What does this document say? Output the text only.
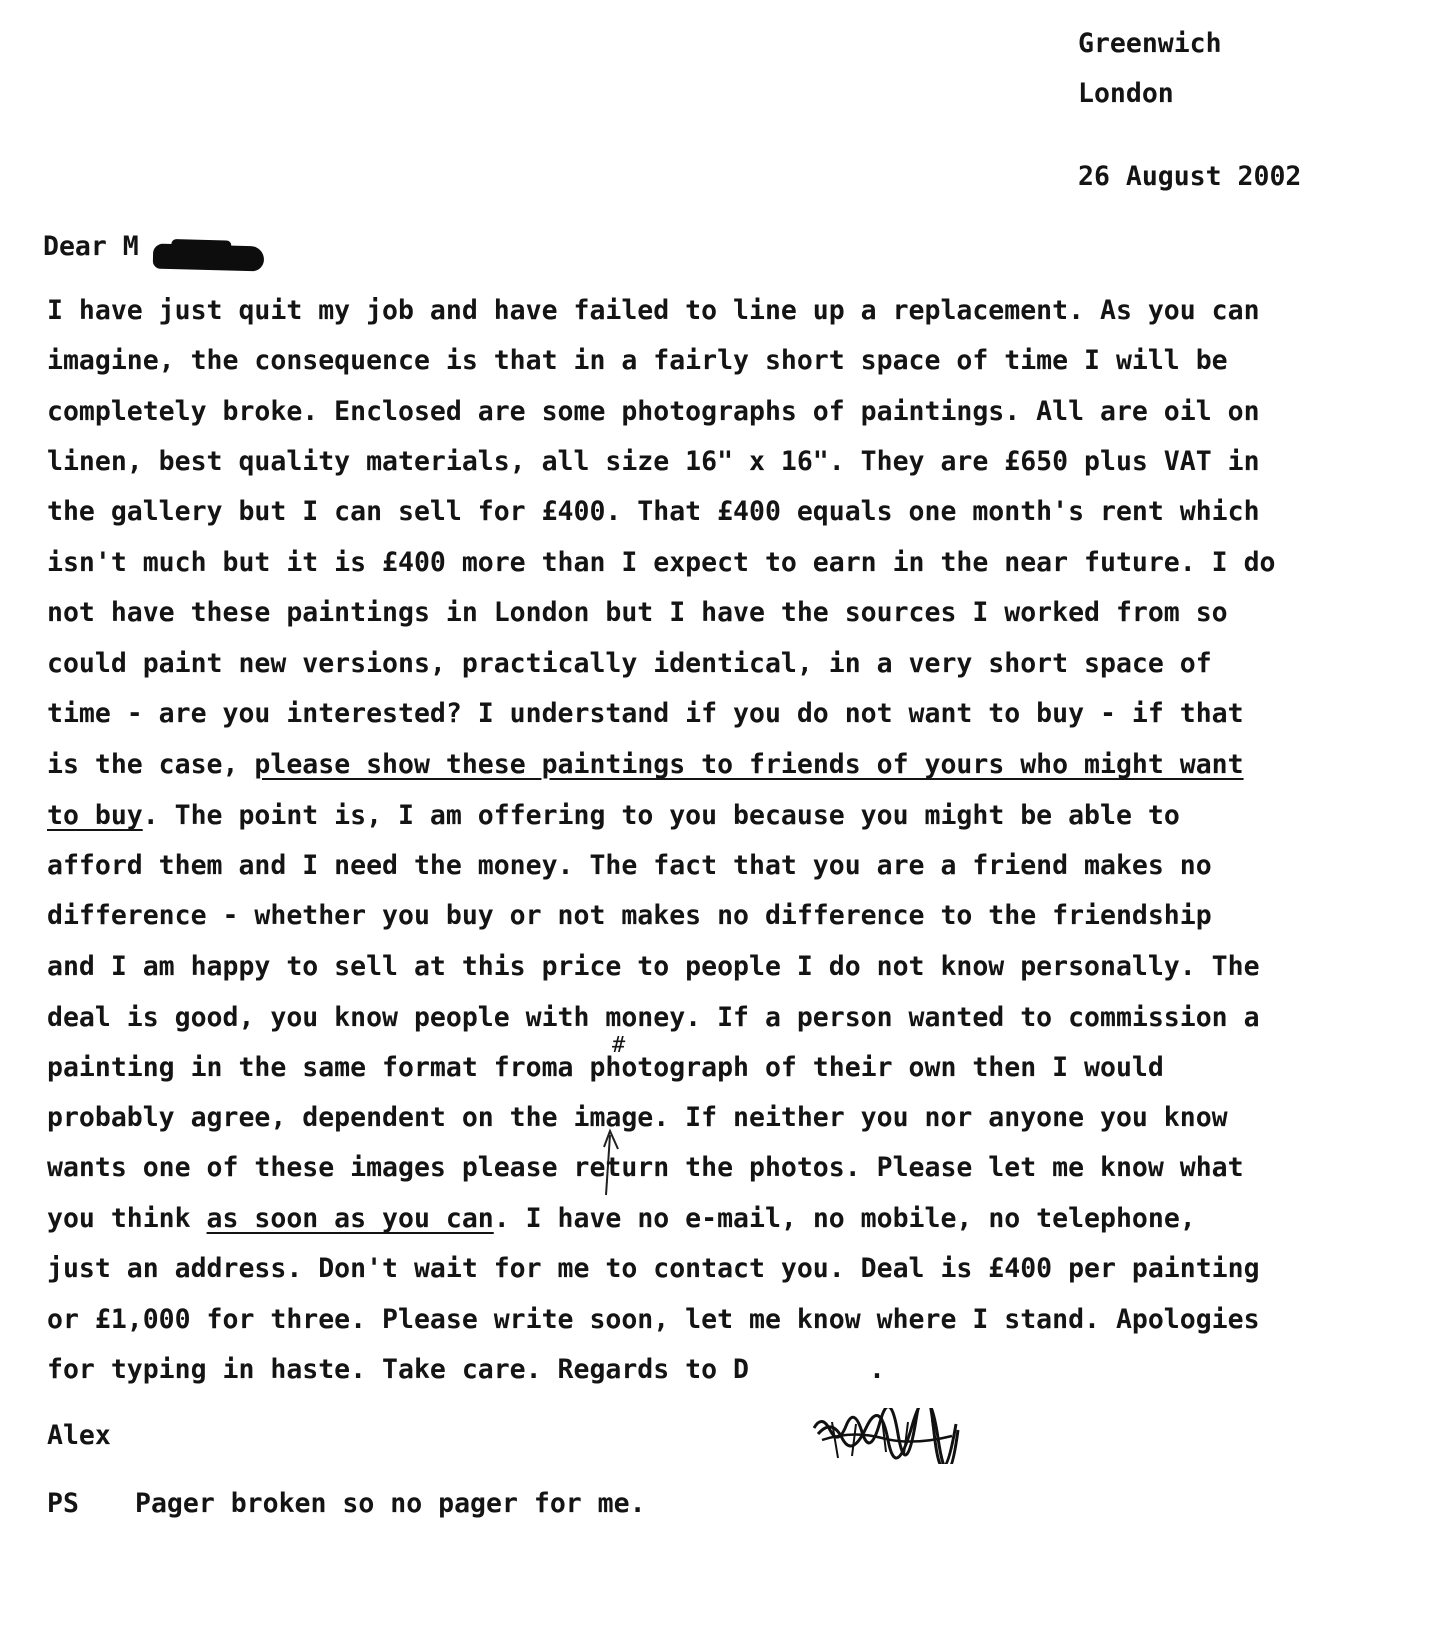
Greenwich
London
26 August 2002
Dear M
I have just quit my job and have failed to line up a replacement. As you can
imagine, the consequence is that in a fairly short space of time I will be
completely broke. Enclosed are some photographs of paintings. All are oil on
linen, best quality materials, all size 16" x 16". They are £650 plus VAT in
the gallery but I can sell for £400. That £400 equals one month's rent which
isn't much but it is £400 more than I expect to earn in the near future. I do
not have these paintings in London but I have the sources I worked from so
could paint new versions, practically identical, in a very short space of
time - are you interested? I understand if you do not want to buy - if that
is the case, please show these paintings to friends of yours who might want
to buy. The point is, I am offering to you because you might be able to
afford them and I need the money. The fact that you are a friend makes no
difference - whether you buy or not makes no difference to the friendship
and I am happy to sell at this price to people I do not know personally. The
deal is good, you know people with money. If a person wanted to commission a
painting in the same format froma photograph of their own then I would
#
probably agree, dependent on the image. If neither you nor anyone you know
wants one of these images please return the photos. Please let me know what
you think as soon as you can. I have no e-mail, no mobile, no telephone,
just an address. Don't wait for me to contact you. Deal is £400 per painting
or £1,000 for three. Please write soon, let me know where I stand. Apologies
for typing in haste. Take care. Regards to D	.
Alex
PS Pager broken so no pager for me.
